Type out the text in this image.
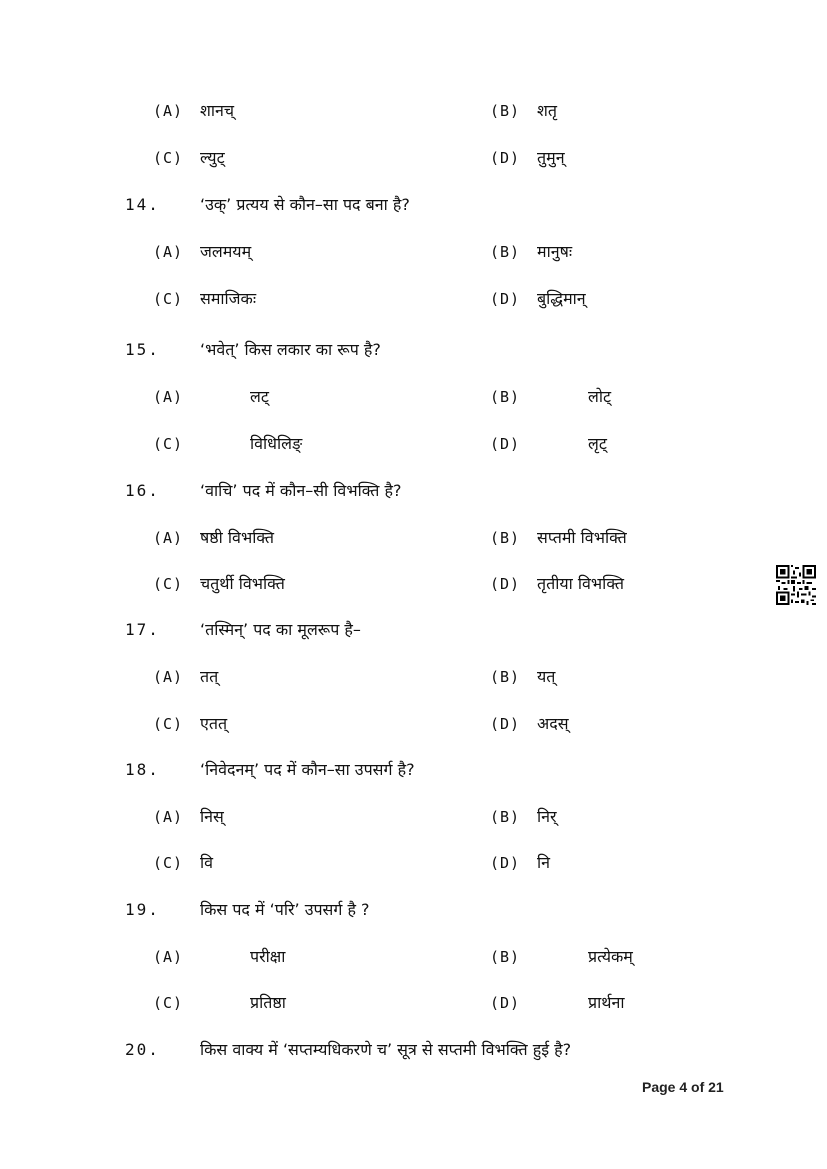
(A) शानच्	(B) शतृ
(C) ल्युट्	(D) तुमुन्
14.	‘उक्’ प्रत्यय से कौन–सा पद बना है?
(A) जलमयम्	(B) मानुषः
(C) समाजिकः	(D) बुद्धिमान्
15.	‘भवेत्’ किस लकार का रूप है?
(A)	लट्	(B)	लोट्
(C)	विधिलिङ्	(D)	लृट्
16.	‘वाचि’ पद में कौन–सी विभक्ति है?
(A) षष्ठी विभक्ति	(B) सप्तमी विभक्ति
(C) चतुर्थी विभक्ति	(D) तृतीया विभक्ति
17.	‘तस्मिन्’ पद का मूलरूप है–
(A) तत्	(B) यत्
(C) एतत्	(D) अदस्
18.	‘निवेदनम्’ पद में कौन–सा उपसर्ग है?
(A) निस्	(B) निर्
(C) वि	(D) नि
19.	किस पद में ‘परि’ उपसर्ग है ?
(A)	परीक्षा	(B)	प्रत्येकम्
(C)	प्रतिष्ठा	(D)	प्रार्थना
20.	किस वाक्य में ‘सप्तम्यधिकरणे च’ सूत्र से सप्तमी विभक्ति हुई है?
Page 4 of 21
